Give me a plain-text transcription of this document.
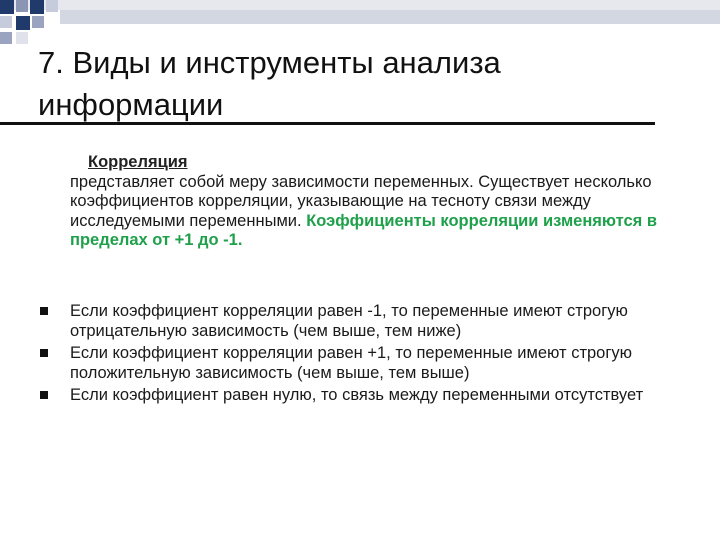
7. Виды и инструменты анализа информации
Корреляция
представляет собой меру зависимости переменных. Существует несколько коэффициентов корреляции, указывающие на тесноту связи между исследуемыми переменными. Коэффициенты корреляции изменяются в пределах от +1 до -1.
Если коэффициент корреляции равен -1, то переменные имеют строгую отрицательную зависимость (чем выше, тем ниже)
Если коэффициент корреляции равен +1, то переменные имеют строгую положительную зависимость (чем выше, тем выше)
Если коэффициент равен нулю, то связь между переменными отсутствует
